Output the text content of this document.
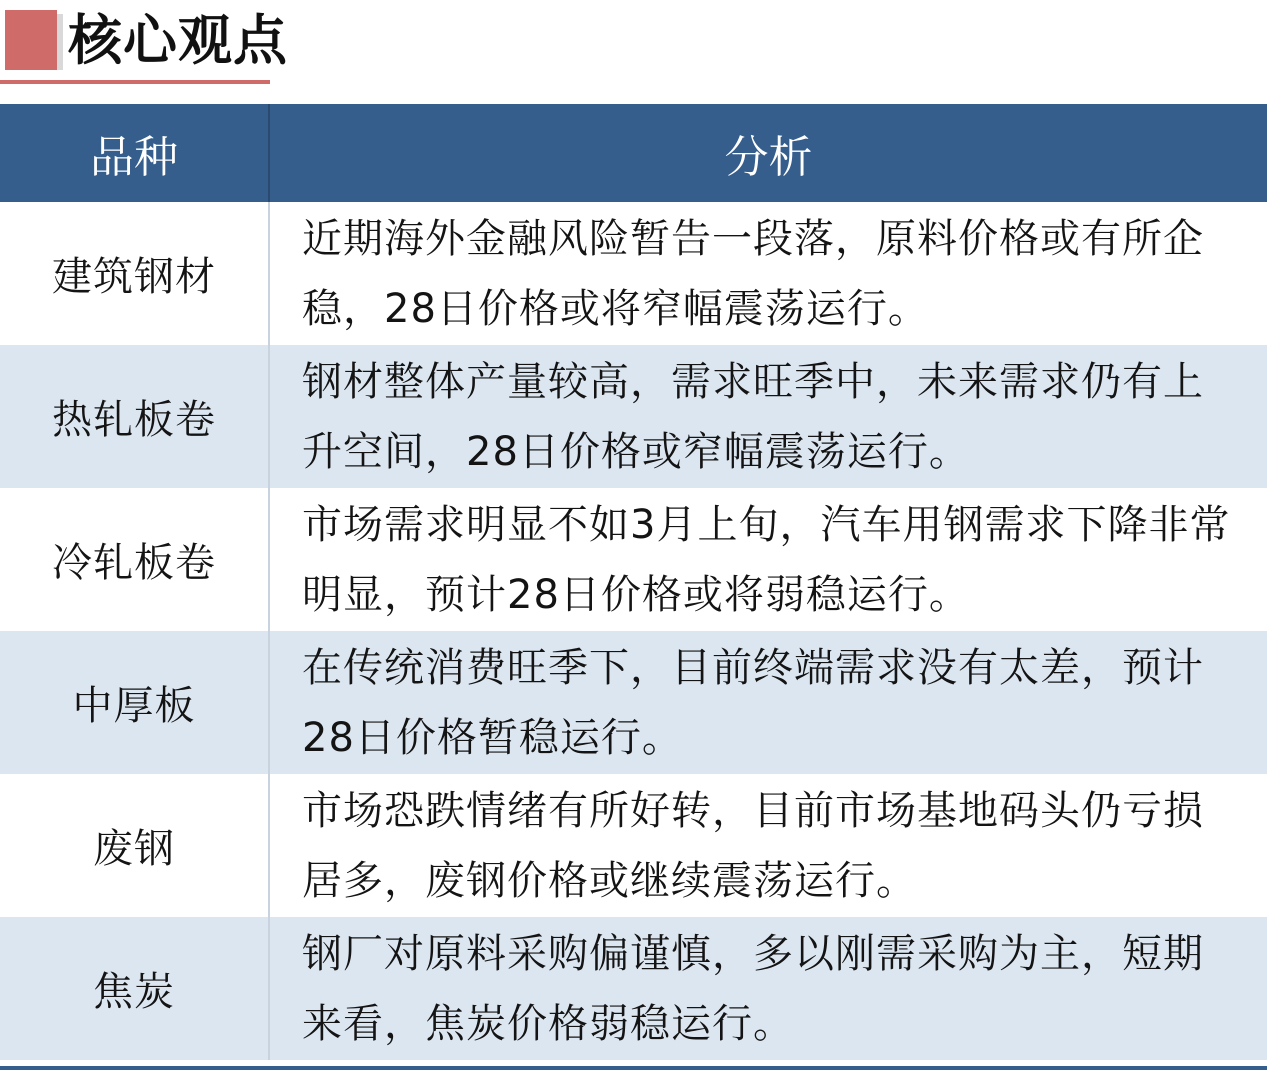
核心观点
品种	分析
建筑钢材	近期海外金融风险暂告一段落，原料价格或有所企稳，28日价格或将窄幅震荡运行。
热轧板卷	钢材整体产量较高，需求旺季中，未来需求仍有上升空间，28日价格或窄幅震荡运行。
冷轧板卷	市场需求明显不如3月上旬，汽车用钢需求下降非常明显，预计28日价格或将弱稳运行。
中厚板	在传统消费旺季下，目前终端需求没有太差，预计28日价格暂稳运行。
废钢	市场恐跌情绪有所好转，目前市场基地码头仍亏损居多，废钢价格或继续震荡运行。
焦炭	钢厂对原料采购偏谨慎，多以刚需采购为主，短期来看，焦炭价格弱稳运行。
